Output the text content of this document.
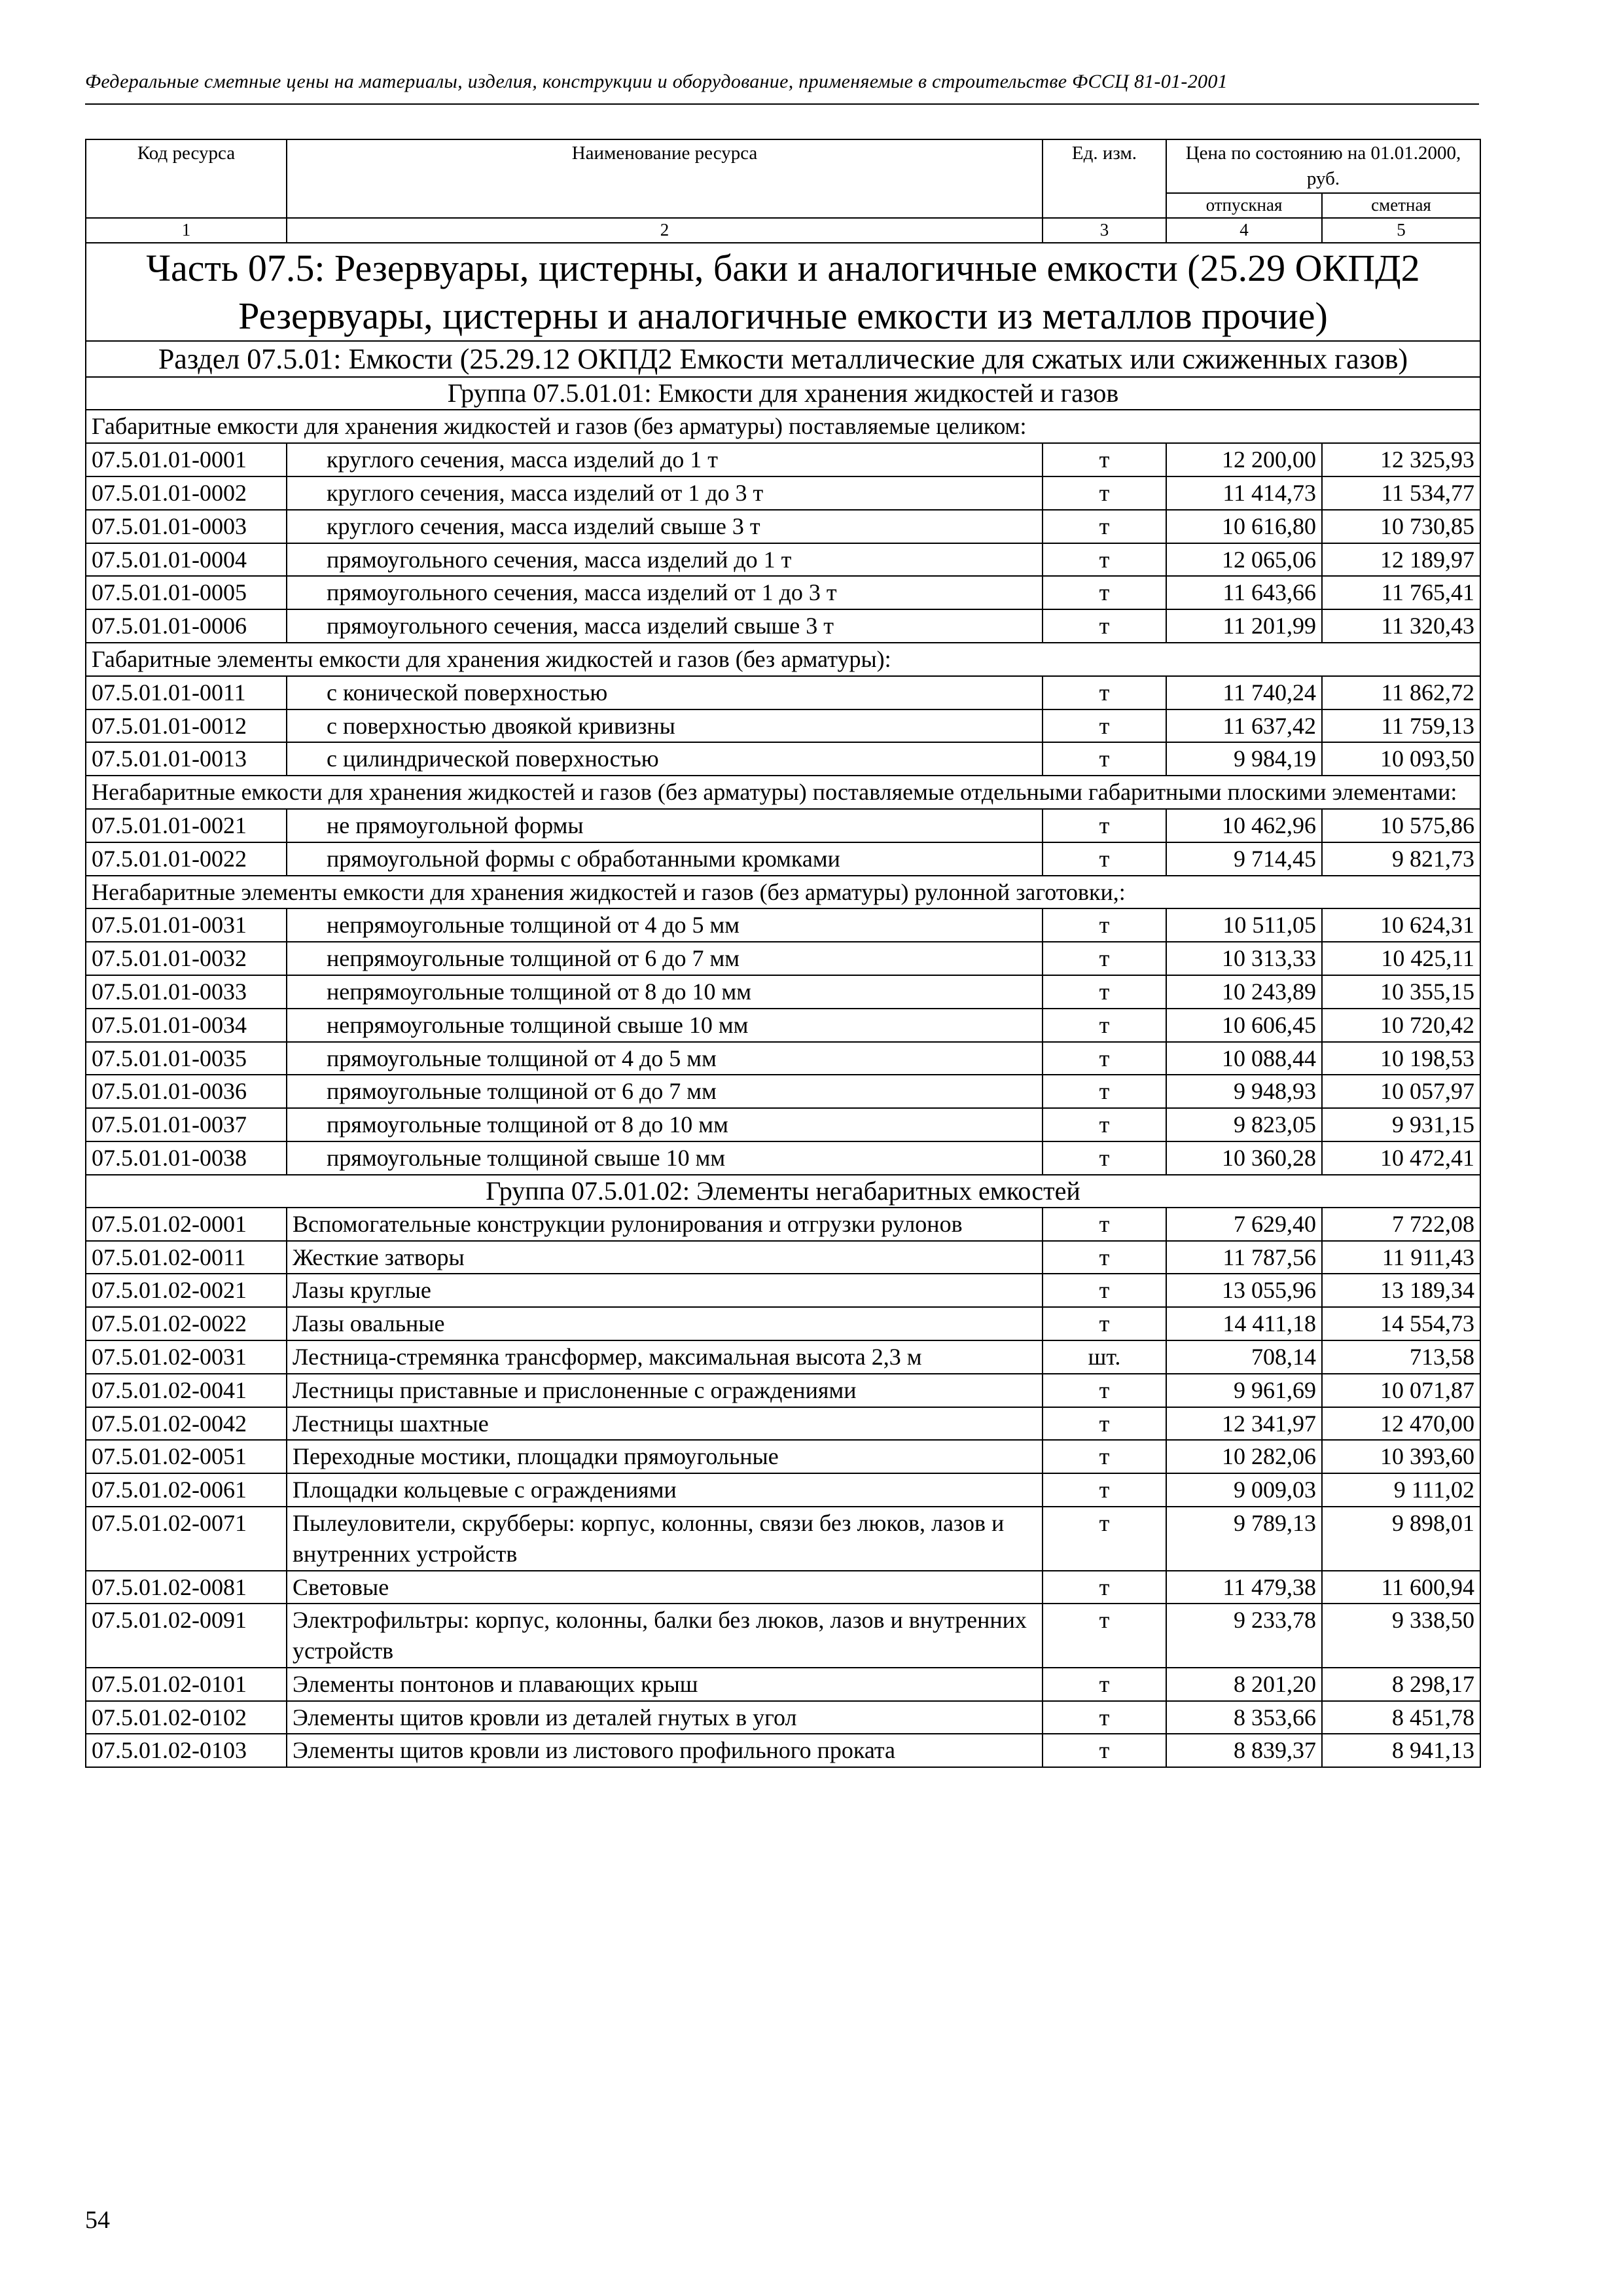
Федеральные сметные цены на материалы, изделия, конструкции и оборудование, применяемые в строительстве ФССЦ 81-01-2001
Код ресурса	Наименование ресурса	Ед. изм.	Цена по состоянию на 01.01.2000, руб.	
			отпускная	сметная
1	2	3	4	5
Часть 07.5: Резервуары, цистерны, баки и аналогичные емкости (25.29 ОКПД2 Резервуары, цистерны и аналогичные емкости из металлов прочие)				
Раздел 07.5.01: Емкости (25.29.12 ОКПД2 Емкости металлические для сжатых или сжиженных газов)				
Группа 07.5.01.01: Емкости для хранения жидкостей и газов				
Габаритные емкости для хранения жидкостей и газов (без арматуры) поставляемые целиком:				
07.5.01.01-0001	круглого сечения, масса изделий до 1 т	т	12 200,00	12 325,93
07.5.01.01-0002	круглого сечения, масса изделий от 1 до 3 т	т	11 414,73	11 534,77
07.5.01.01-0003	круглого сечения, масса изделий свыше 3 т	т	10 616,80	10 730,85
07.5.01.01-0004	прямоугольного сечения, масса изделий до 1 т	т	12 065,06	12 189,97
07.5.01.01-0005	прямоугольного сечения, масса изделий от 1 до 3 т	т	11 643,66	11 765,41
07.5.01.01-0006	прямоугольного сечения, масса изделий свыше 3 т	т	11 201,99	11 320,43
Габаритные элементы емкости для хранения жидкостей и газов (без арматуры):				
07.5.01.01-0011	с конической поверхностью	т	11 740,24	11 862,72
07.5.01.01-0012	с поверхностью двоякой кривизны	т	11 637,42	11 759,13
07.5.01.01-0013	с цилиндрической поверхностью	т	9 984,19	10 093,50
Негабаритные емкости для хранения жидкостей и газов (без арматуры) поставляемые отдельными габаритными плоскими элементами:				
07.5.01.01-0021	не прямоугольной формы	т	10 462,96	10 575,86
07.5.01.01-0022	прямоугольной формы с обработанными кромками	т	9 714,45	9 821,73
Негабаритные элементы емкости для хранения жидкостей и газов (без арматуры) рулонной заготовки,:				
07.5.01.01-0031	непрямоугольные толщиной от 4 до 5 мм	т	10 511,05	10 624,31
07.5.01.01-0032	непрямоугольные толщиной от 6 до 7 мм	т	10 313,33	10 425,11
07.5.01.01-0033	непрямоугольные толщиной от 8 до 10 мм	т	10 243,89	10 355,15
07.5.01.01-0034	непрямоугольные толщиной свыше 10 мм	т	10 606,45	10 720,42
07.5.01.01-0035	прямоугольные толщиной от 4 до 5 мм	т	10 088,44	10 198,53
07.5.01.01-0036	прямоугольные толщиной от 6 до 7 мм	т	9 948,93	10 057,97
07.5.01.01-0037	прямоугольные толщиной от 8 до 10 мм	т	9 823,05	9 931,15
07.5.01.01-0038	прямоугольные толщиной свыше 10 мм	т	10 360,28	10 472,41
Группа 07.5.01.02: Элементы негабаритных емкостей				
07.5.01.02-0001	Вспомогательные конструкции рулонирования и отгрузки рулонов	т	7 629,40	7 722,08
07.5.01.02-0011	Жесткие затворы	т	11 787,56	11 911,43
07.5.01.02-0021	Лазы круглые	т	13 055,96	13 189,34
07.5.01.02-0022	Лазы овальные	т	14 411,18	14 554,73
07.5.01.02-0031	Лестница-стремянка трансформер, максимальная высота 2,3 м	шт.	708,14	713,58
07.5.01.02-0041	Лестницы приставные и прислоненные с ограждениями	т	9 961,69	10 071,87
07.5.01.02-0042	Лестницы шахтные	т	12 341,97	12 470,00
07.5.01.02-0051	Переходные мостики, площадки прямоугольные	т	10 282,06	10 393,60
07.5.01.02-0061	Площадки кольцевые с ограждениями	т	9 009,03	9 111,02
07.5.01.02-0071	Пылеуловители, скрубберы: корпус, колонны, связи без люков, лазов и внутренних устройств	т	9 789,13	9 898,01
07.5.01.02-0081	Световые	т	11 479,38	11 600,94
07.5.01.02-0091	Электрофильтры: корпус, колонны, балки без люков, лазов и внутренних устройств	т	9 233,78	9 338,50
07.5.01.02-0101	Элементы понтонов и плавающих крыш	т	8 201,20	8 298,17
07.5.01.02-0102	Элементы щитов кровли из деталей гнутых в угол	т	8 353,66	8 451,78
07.5.01.02-0103	Элементы щитов кровли из листового профильного проката	т	8 839,37	8 941,13
54
